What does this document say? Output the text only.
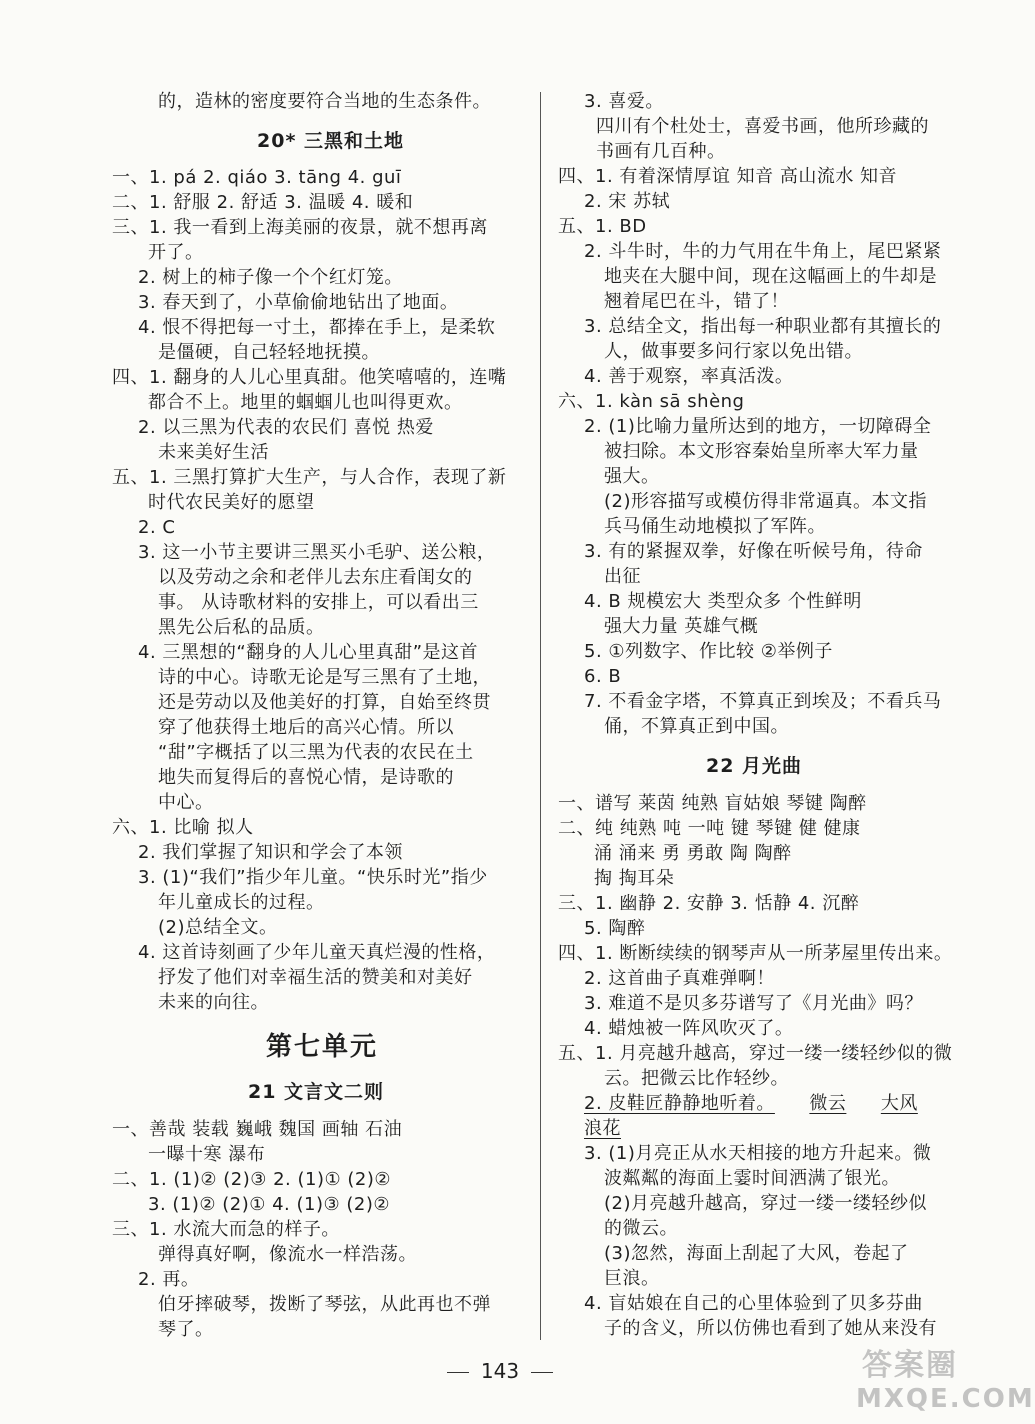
的，造林的密度要符合当地的生态条件。
20* 三黑和土地
一、1. pá 2. qiáo 3. tāng 4. guī
二、1. 舒服 2. 舒适 3. 温暖 4. 暖和
三、1. 我一看到上海美丽的夜景，就不想再离
开了。
2. 树上的柿子像一个个红灯笼。
3. 春天到了，小草偷偷地钻出了地面。
4. 恨不得把每一寸土，都捧在手上，是柔软
是僵硬，自己轻轻地抚摸。
四、1. 翻身的人儿心里真甜。他笑嘻嘻的，连嘴
都合不上。地里的蝈蝈儿也叫得更欢。
2. 以三黑为代表的农民们 喜悦 热爱
未来美好生活
五、1. 三黑打算扩大生产，与人合作，表现了新
时代农民美好的愿望
2. C
3. 这一小节主要讲三黑买小毛驴、送公粮，
以及劳动之余和老伴儿去东庄看闺女的
事。 从诗歌材料的安排上，可以看出三
黑先公后私的品质。
4. 三黑想的“翻身的人儿心里真甜”是这首
诗的中心。诗歌无论是写三黑有了土地，
还是劳动以及他美好的打算，自始至终贯
穿了他获得土地后的高兴心情。所以
“甜”字概括了以三黑为代表的农民在土
地失而复得后的喜悦心情，是诗歌的
中心。
六、1. 比喻 拟人
2. 我们掌握了知识和学会了本领
3. (1)“我们”指少年儿童。“快乐时光”指少
年儿童成长的过程。
(2)总结全文。
4. 这首诗刻画了少年儿童天真烂漫的性格，
抒发了他们对幸福生活的赞美和对美好
未来的向往。
第七单元
21 文言文二则
一、善哉 装载 巍峨 魏国 画轴 石油
一曝十寒 瀑布
二、1. (1)② (2)③ 2. (1)① (2)②
3. (1)② (2)① 4. (1)③ (2)②
三、1. 水流大而急的样子。
弹得真好啊，像流水一样浩荡。
2. 再。
伯牙摔破琴，拨断了琴弦，从此再也不弹
琴了。
3. 喜爱。
四川有个杜处士，喜爱书画，他所珍藏的
书画有几百种。
四、1. 有着深情厚谊 知音 高山流水 知音
2. 宋 苏轼
五、1. BD
2. 斗牛时，牛的力气用在牛角上，尾巴紧紧
地夹在大腿中间，现在这幅画上的牛却是
翘着尾巴在斗，错了！
3. 总结全文，指出每一种职业都有其擅长的
人，做事要多问行家以免出错。
4. 善于观察，率真活泼。
六、1. kàn sā shèng
2. (1)比喻力量所达到的地方，一切障碍全
被扫除。本文形容秦始皇所率大军力量
强大。
(2)形容描写或模仿得非常逼真。本文指
兵马俑生动地模拟了军阵。
3. 有的紧握双拳，好像在听候号角，待命
出征
4. B 规模宏大 类型众多 个性鲜明
强大力量 英雄气概
5. ①列数字、作比较 ②举例子
6. B
7. 不看金字塔，不算真正到埃及；不看兵马
俑，不算真正到中国。
22 月光曲
一、谱写 莱茵 纯熟 盲姑娘 琴键 陶醉
二、纯 纯熟 吨 一吨 键 琴键 健 健康
涌 涌来 勇 勇敢 陶 陶醉
掏 掏耳朵
三、1. 幽静 2. 安静 3. 恬静 4. 沉醉
5. 陶醉
四、1. 断断续续的钢琴声从一所茅屋里传出来。
2. 这首曲子真难弹啊！
3. 难道不是贝多芬谱写了《月光曲》吗？
4. 蜡烛被一阵风吹灭了。
五、1. 月亮越升越高，穿过一缕一缕轻纱似的微
云。把微云比作轻纱。
2. 皮鞋匠静静地听着。 微云 大风
浪花
3. (1)月亮正从水天相接的地方升起来。微
波粼粼的海面上霎时间洒满了银光。
(2)月亮越升越高，穿过一缕一缕轻纱似
的微云。
(3)忽然，海面上刮起了大风，卷起了
巨浪。
4. 盲姑娘在自己的心里体验到了贝多芬曲
子的含义，所以仿佛也看到了她从来没有
143	答案圈
MXQE.COM
